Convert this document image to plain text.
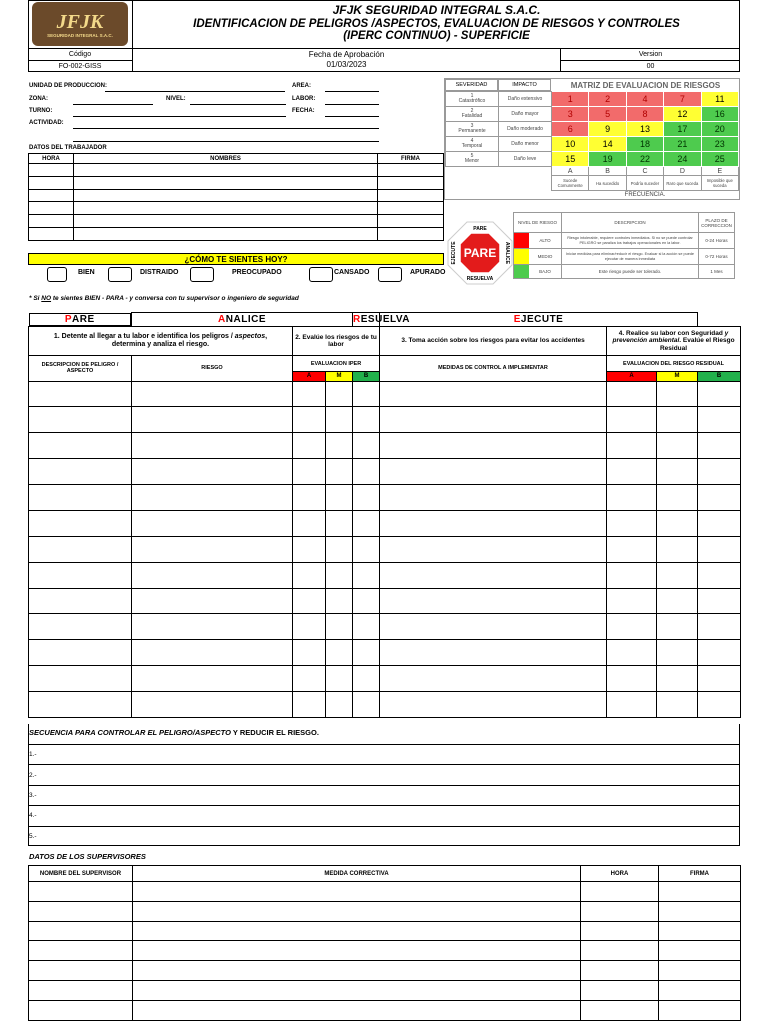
JFJK
SEGURIDAD INTEGRAL S.A.C.
JFJK SEGURIDAD INTEGRAL S.A.C.
IDENTIFICACION DE PELIGROS /ASPECTOS, EVALUACION DE RIESGOS Y CONTROLES
(IPERC CONTINUO) - SUPERFICIE
Código
FO-002-GISS
Fecha de Aprobación
01/03/2023
Version
00
UNIDAD DE PRODUCCION:	AREA:
ZONA:	NIVEL:	LABOR:
TURNO:	FECHA:
ACTIVIDAD:
DATOS DEL TRABAJADOR
HORA	NOMBRES	FIRMA

SEVERIDAD	IMPACTO	MATRIZ DE EVALUACION DE RIESGOS
1
Catastrófico	Daño extensivo	1	2	4	7	11
2
Fatalidad	Daño mayor	3	5	8	12	16
3
Permanente	Daño moderado	6	9	13	17	20
4
Temporal	Daño menor	10	14	18	21	23
5
Menor	Daño leve	15	19	22	24	25
		A	B	C	D	E
		Sucede Comunmente	Ha sucedido	Podría suceder	Raro que suceda	Imposible que suceda
		FRECUENCIA.				
NIVEL DE RIESGO	DESCRIPCION	PLAZO DE CORRECCION

ALTO	Riesgo intolerable, requiere controles inmediatos. Si no se puede controlar PELIGRO se paraliza los trabajos operacionales en la labor.	0-24 Horas

MEDIO	Iniciar medidas para eliminar/reducir el riesgo. Evaluar si la acción se puede ejecutar de manera inmediata	0-72 Horas

BAJO	Este riesgo puede ser tolerado.	1 Mes
PARE
PARE
RESUELVA
EJECUTE	ANALICE
¿CÓMO TE SIENTES HOY?
BIEN	DISTRAIDO	PREOCUPADO	CANSADO	APURADO
* Si NO te sientes BIEN - PARA - y conversa con tu supervisor o ingeniero de seguridad
P ARE	ANALICE			RESUELVA	EJECUTE			
1. Detente al llegar a tu labor e identifica los peligros / aspectos, determina y analiza el riesgo.		2. Evalúe los riesgos de tu labor			3. Toma acción sobre los riesgos para evitar los accidentes	4. Realice su labor con Seguridad y prevención ambiental. Evalúe el Riesgo Residual		
DESCRIPCION DE PELIGRO / ASPECTO	RIESGO	EVALUACION IPER			MEDIDAS DE CONTROL A IMPLEMENTAR	EVALUACION DEL RIESGO RESIDUAL		
		A	M	B		A	M	B

SECUENCIA PARA CONTROLAR EL PELIGRO/ASPECTO Y REDUCIR EL RIESGO.
1.-
2.-
3.-
4.-
5.-
DATOS DE LOS SUPERVISORES
NOMBRE DEL SUPERVISOR	MEDIDA CORRECTIVA	HORA	FIRMA
